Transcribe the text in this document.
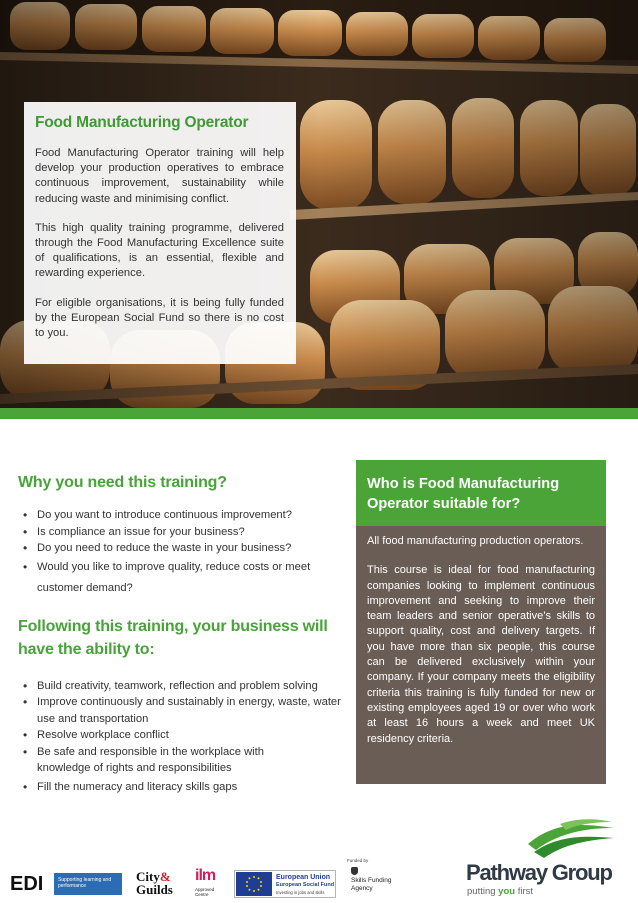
Food Manufacturing Operator

Food Manufacturing Operator training will help develop your production operatives to embrace continuous improvement, sustainability while reducing waste and minimising conflict.

This high quality training programme, delivered through the Food Manufacturing Excellence suite of qualifications, is an essential, flexible and rewarding experience.

For eligible organisations, it is being fully funded by the European Social Fund so there is no cost to you.

Why you need this training?
• Do you want to introduce continuous improvement?
• Is compliance an issue for your business?
• Do you need to reduce the waste in your business?
• Would you like to improve quality, reduce costs or meet customer demand?
Following this training, your business will have the ability to:
• Build creativity, teamwork, reflection and problem solving
• Improve continuously and sustainably in energy, waste, water use and transportation
• Resolve workplace conflict
• Be safe and responsible in the workplace with knowledge of rights and responsibilities
• Fill the numeracy and literacy skills gaps
Who is Food Manufacturing Operator suitable for?

All food manufacturing production operators.

This course is ideal for food manufacturing companies looking to implement continuous improvement and seeking to improve their team leaders and senior operative’s skills to support quality, cost and delivery targets. If you have more than six people, this course can be delivered exclusively within your company. If your company meets the eligibility criteria this training is fully funded for new or existing employees aged 19 or over who work at least 16 hours a week and meet UK residency criteria.

EDI	Supporting learning and performance
City&
Guilds
ilm
Approved Centre
European Union
European Social Fund
Investing in jobs and skills
Funded by
Skills Funding Agency
Pathway Group
putting you first
